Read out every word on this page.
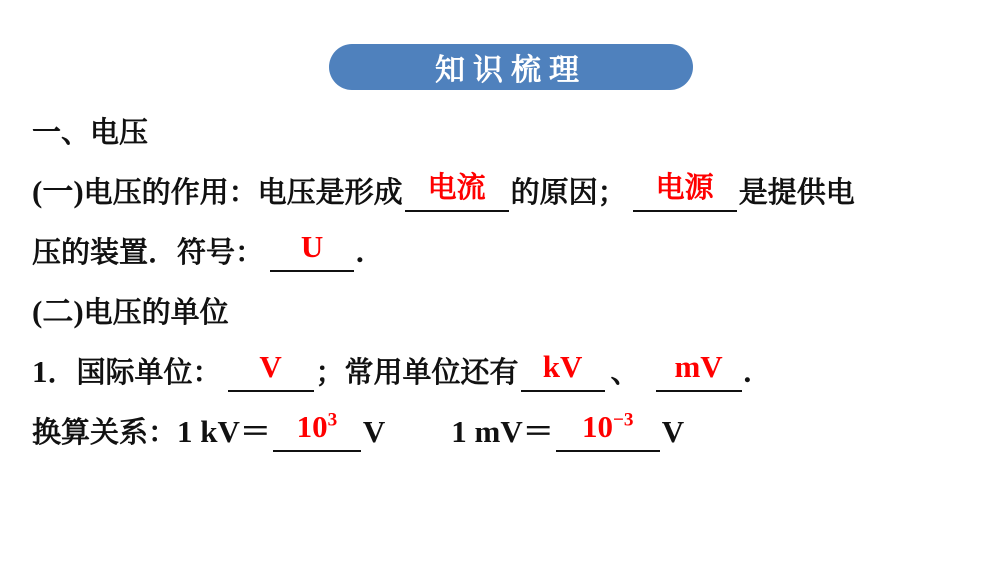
知识梳理
一、电压
(一) 电压的作用：电压是形成 电流 的原因； 电源 是提供电
压的装置．符号：	U	.
(二) 电压的单位
1 ．国际单位：	V	；常用单位还有 kV 、	mV .
换算关系： 1 $kV= 10^3$ V 1 $mV= 10^{-3}$ V
